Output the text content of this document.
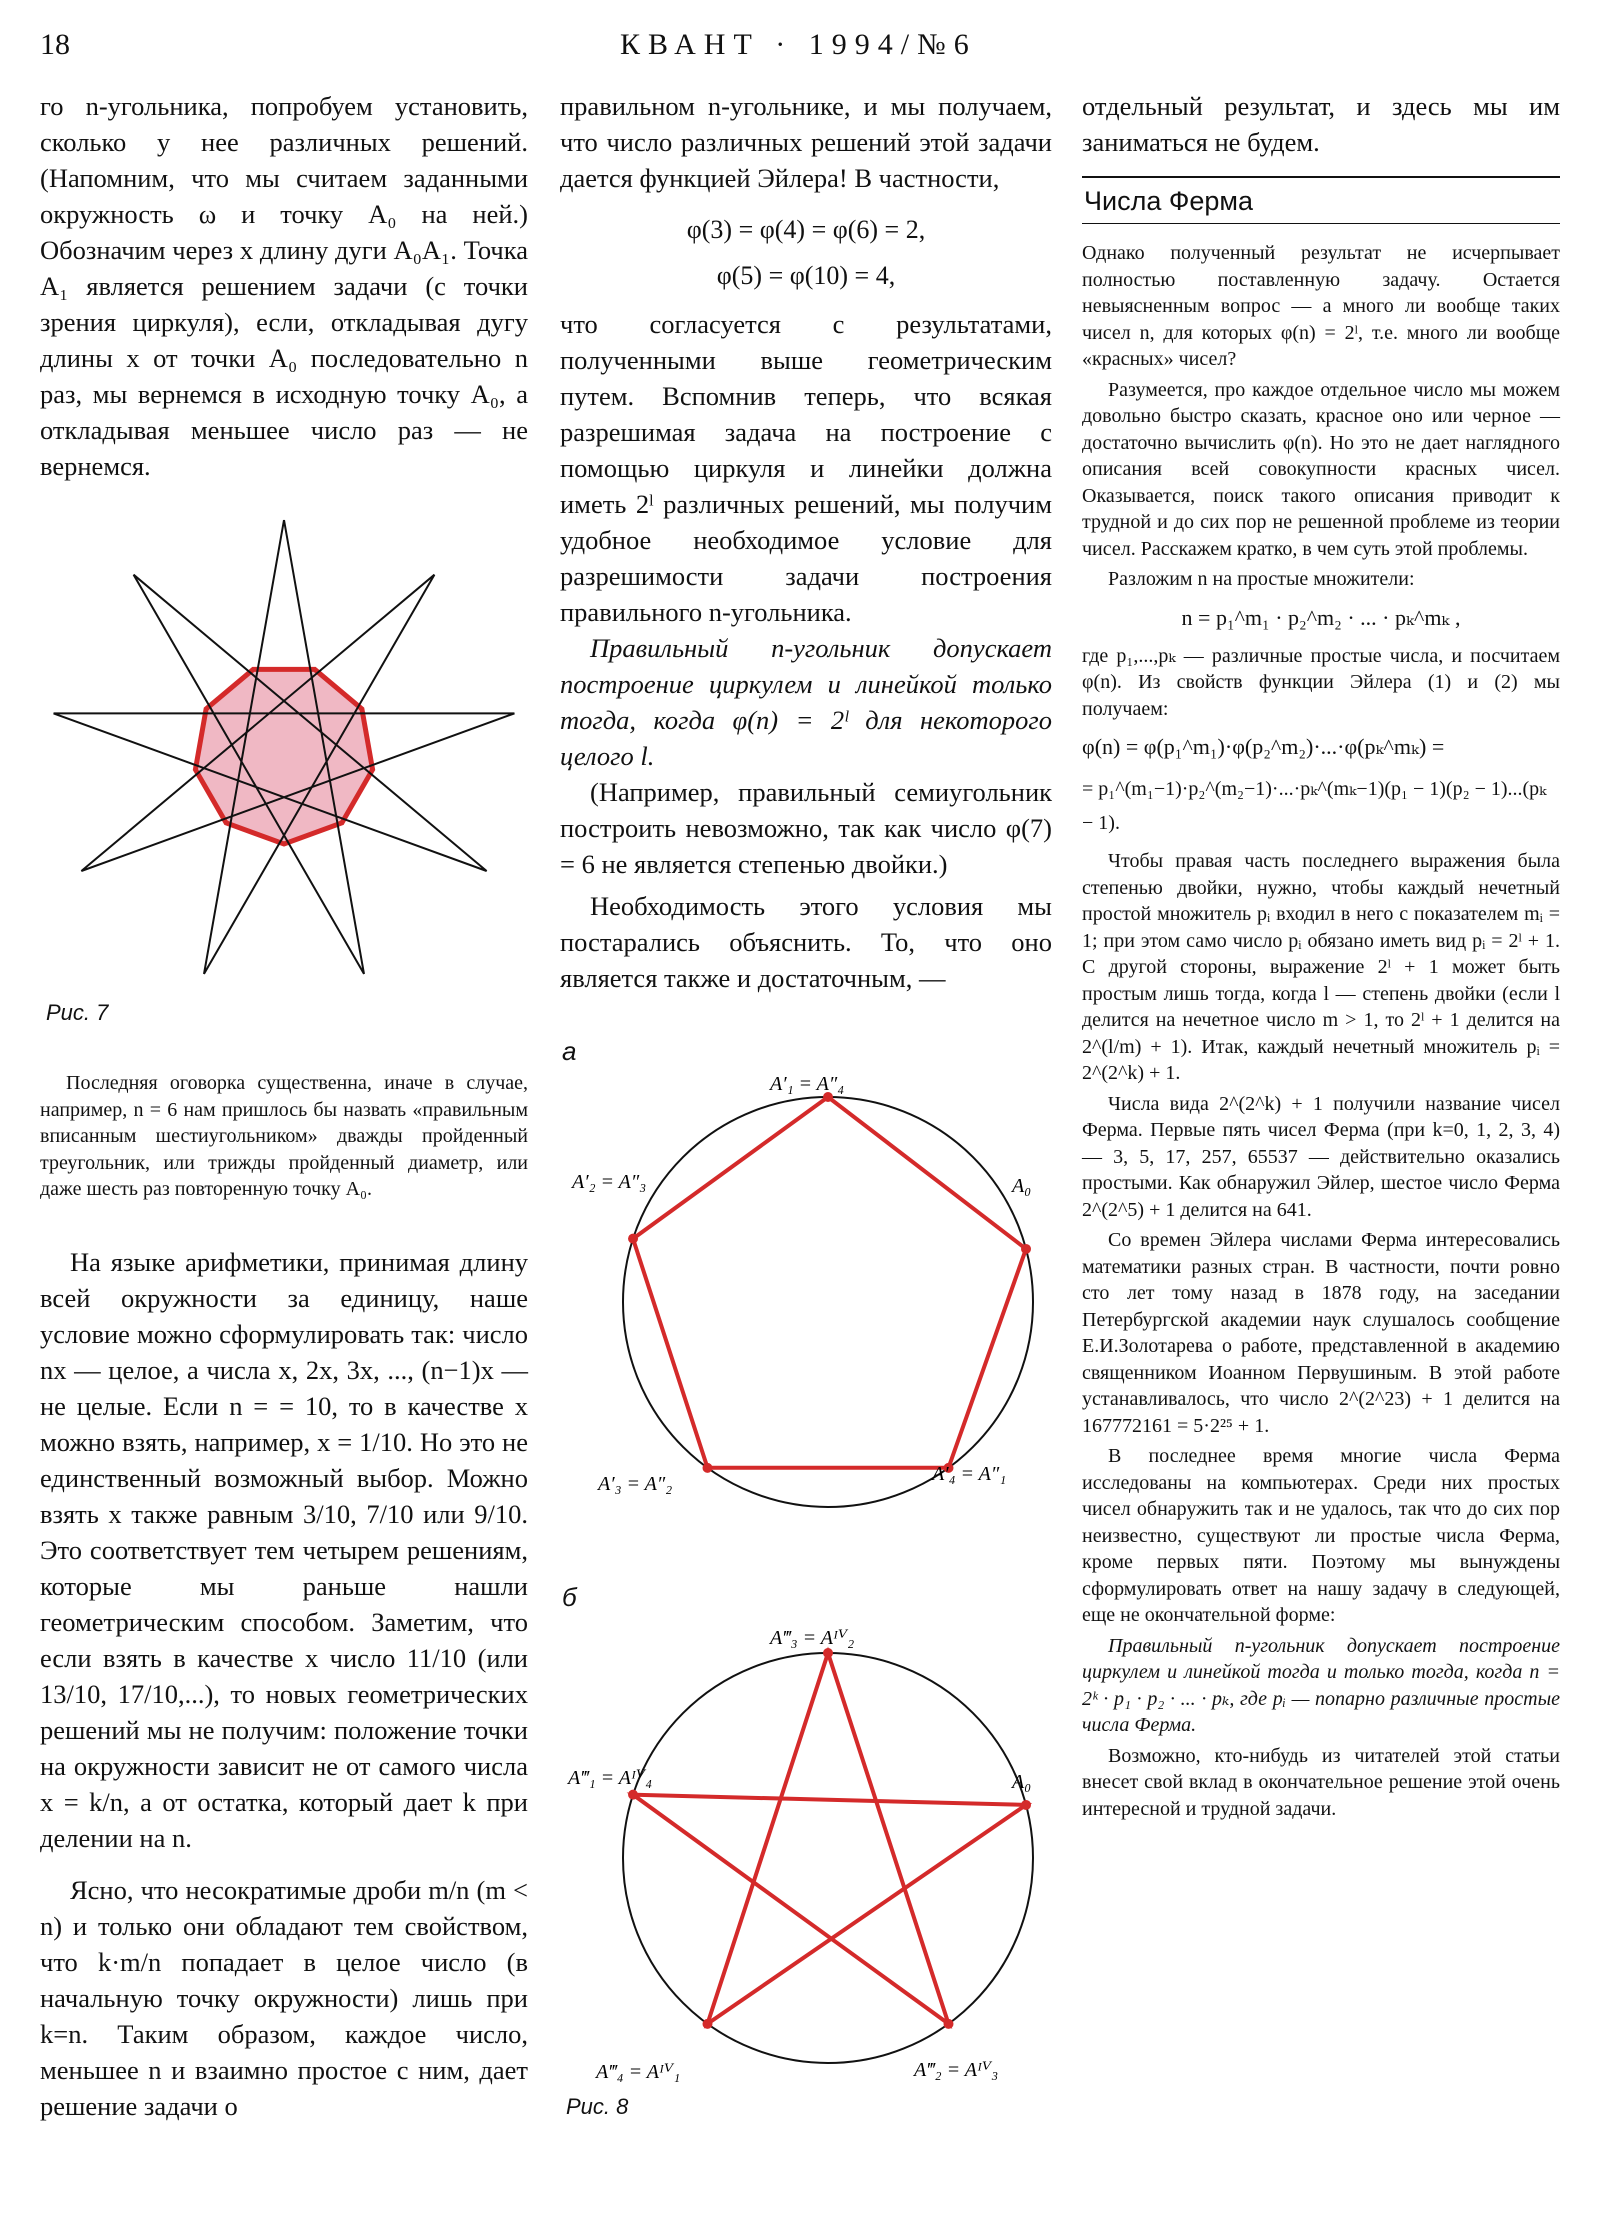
18	КВАНТ · 1994/№6

го n-угольника, попробуем установить, сколько у нее различных решений. (Напомним, что мы считаем заданными окружность ω и точку A₀ на ней.) Обозначим через x длину дуги A₀A₁. Точка A₁ является решением задачи (с точки зрения циркуля), если, откладывая дугу длины x от точки A₀ последовательно n раз, мы вернемся в исходную точку A₀, а откладывая меньшее число раз — не вернемся.

Рис. 7

Последняя оговорка существенна, иначе в случае, например, n = 6 нам пришлось бы назвать «правильным вписанным шестиугольником» дважды пройденный треугольник, или трижды пройденный диаметр, или даже шесть раз повторенную точку A₀.

На языке арифметики, принимая длину всей окружности за единицу, наше условие можно сформулировать так: число nx — целое, а числа x, 2x, 3x, ..., (n−1)x — не целые. Если n = = 10, то в качестве x можно взять, например, x = 1/10. Но это не единственный возможный выбор. Можно взять x также равным 3/10, 7/10 или 9/10. Это соответствует тем четырем решениям, которые мы раньше нашли геометрическим способом. Заметим, что если взять в качестве x число 11/10 (или 13/10, 17/10,...), то новых геометрических решений мы не получим: положение точки на окружности зависит не от самого числа x = k/n, а от остатка, который дает k при делении на n.

Ясно, что несократимые дроби m/n (m < n) и только они обладают тем свойством, что k·m/n попадает в целое число (в начальную точку окружности) лишь при k=n. Таким образом, каждое число, меньшее n и взаимно простое с ним, дает решение задачи о

правильном n-угольнике, и мы получаем, что число различных решений этой задачи дается функцией Эйлера! В частности,

φ(3) = φ(4) = φ(6) = 2,
φ(5) = φ(10) = 4,

что согласуется с результатами, полученными выше геометрическим путем. Вспомнив теперь, что всякая разрешимая задача на построение с помощью циркуля и линейки должна иметь 2ˡ различных решений, мы получим удобное необходимое условие для разрешимости задачи построения правильного n-угольника.

Правильный n-угольник допускает построение циркулем и линейкой только тогда, когда φ(n) = 2ˡ для некоторого целого l.

(Например, правильный семиугольник построить невозможно, так как число φ(7) = 6 не является степенью двойки.)

Необходимость этого условия мы постарались объяснить. То, что оно является также и достаточным, —

а
A′₁ = A″₄
A′₂ = A″₃	A₀
A′₃ = A″₂	A′₄ = A″₁
б
A‴₃ = Aᴵⱽ₂
A‴₁ = Aᴵⱽ₄	A₀
A‴₄ = Aᴵⱽ₁	A‴₂ = Aᴵⱽ₃
Рис. 8

отдельный результат, и здесь мы им заниматься не будем.

Числа Ферма

Однако полученный результат не исчерпывает полностью поставленную задачу. Остается невыясненным вопрос — а много ли вообще таких чисел n, для которых φ(n) = 2ˡ, т.е. много ли вообще «красных» чисел?

Разумеется, про каждое отдельное число мы можем довольно быстро сказать, красное оно или черное — достаточно вычислить φ(n). Но это не дает наглядного описания всей совокупности красных чисел. Оказывается, поиск такого описания приводит к трудной и до сих пор не решенной проблеме из теории чисел. Расскажем кратко, в чем суть этой проблемы.

Разложим n на простые множители:

n = p₁^m₁ · p₂^m₂ · ... · pₖ^mₖ ,

где p₁,...,pₖ — различные простые числа, и посчитаем φ(n). Из свойств функции Эйлера (1) и (2) мы получаем:

φ(n) = φ(p₁^m₁)·φ(p₂^m₂)·...·φ(pₖ^mₖ) =
= p₁^(m₁−1)·p₂^(m₂−1)·...·pₖ^(mₖ−1)(p₁ − 1)(p₂ − 1)...(pₖ − 1).

Чтобы правая часть последнего выражения была степенью двойки, нужно, чтобы каждый нечетный простой множитель pᵢ входил в него с показателем mᵢ = 1; при этом само число pᵢ обязано иметь вид pᵢ = 2ˡ + 1. С другой стороны, выражение 2ˡ + 1 может быть простым лишь тогда, когда l — степень двойки (если l делится на нечетное число m > 1, то 2ˡ + 1 делится на 2^(l/m) + 1). Итак, каждый нечетный множитель pᵢ = 2^(2^k) + 1.

Числа вида 2^(2^k) + 1 получили название чисел Ферма. Первые пять чисел Ферма (при k=0, 1, 2, 3, 4) — 3, 5, 17, 257, 65537 — действительно оказались простыми. Как обнаружил Эйлер, шестое число Ферма 2^(2^5) + 1 делится на 641.

Со времен Эйлера числами Ферма интересовались математики разных стран. В частности, почти ровно сто лет тому назад в 1878 году, на заседании Петербургской академии наук слушалось сообщение Е.И.Золотарева о работе, представленной в академию священником Иоанном Первушиным. В этой работе устанавливалось, что число 2^(2^23) + 1 делится на 167772161 = 5·2²⁵ + 1.

В последнее время многие числа Ферма исследованы на компьютерах. Среди них простых чисел обнаружить так и не удалось, так что до сих пор неизвестно, существуют ли простые числа Ферма, кроме первых пяти. Поэтому мы вынуждены сформулировать ответ на нашу задачу в следующей, еще не окончательной форме:

Правильный n-угольник допускает построение циркулем и линейкой тогда и только тогда, когда n = 2ᵏ · p₁ · p₂ · ... · pₖ, где pᵢ — попарно различные простые числа Ферма.

Возможно, кто-нибудь из читателей этой статьи внесет свой вклад в окончательное решение этой очень интересной и трудной задачи.
